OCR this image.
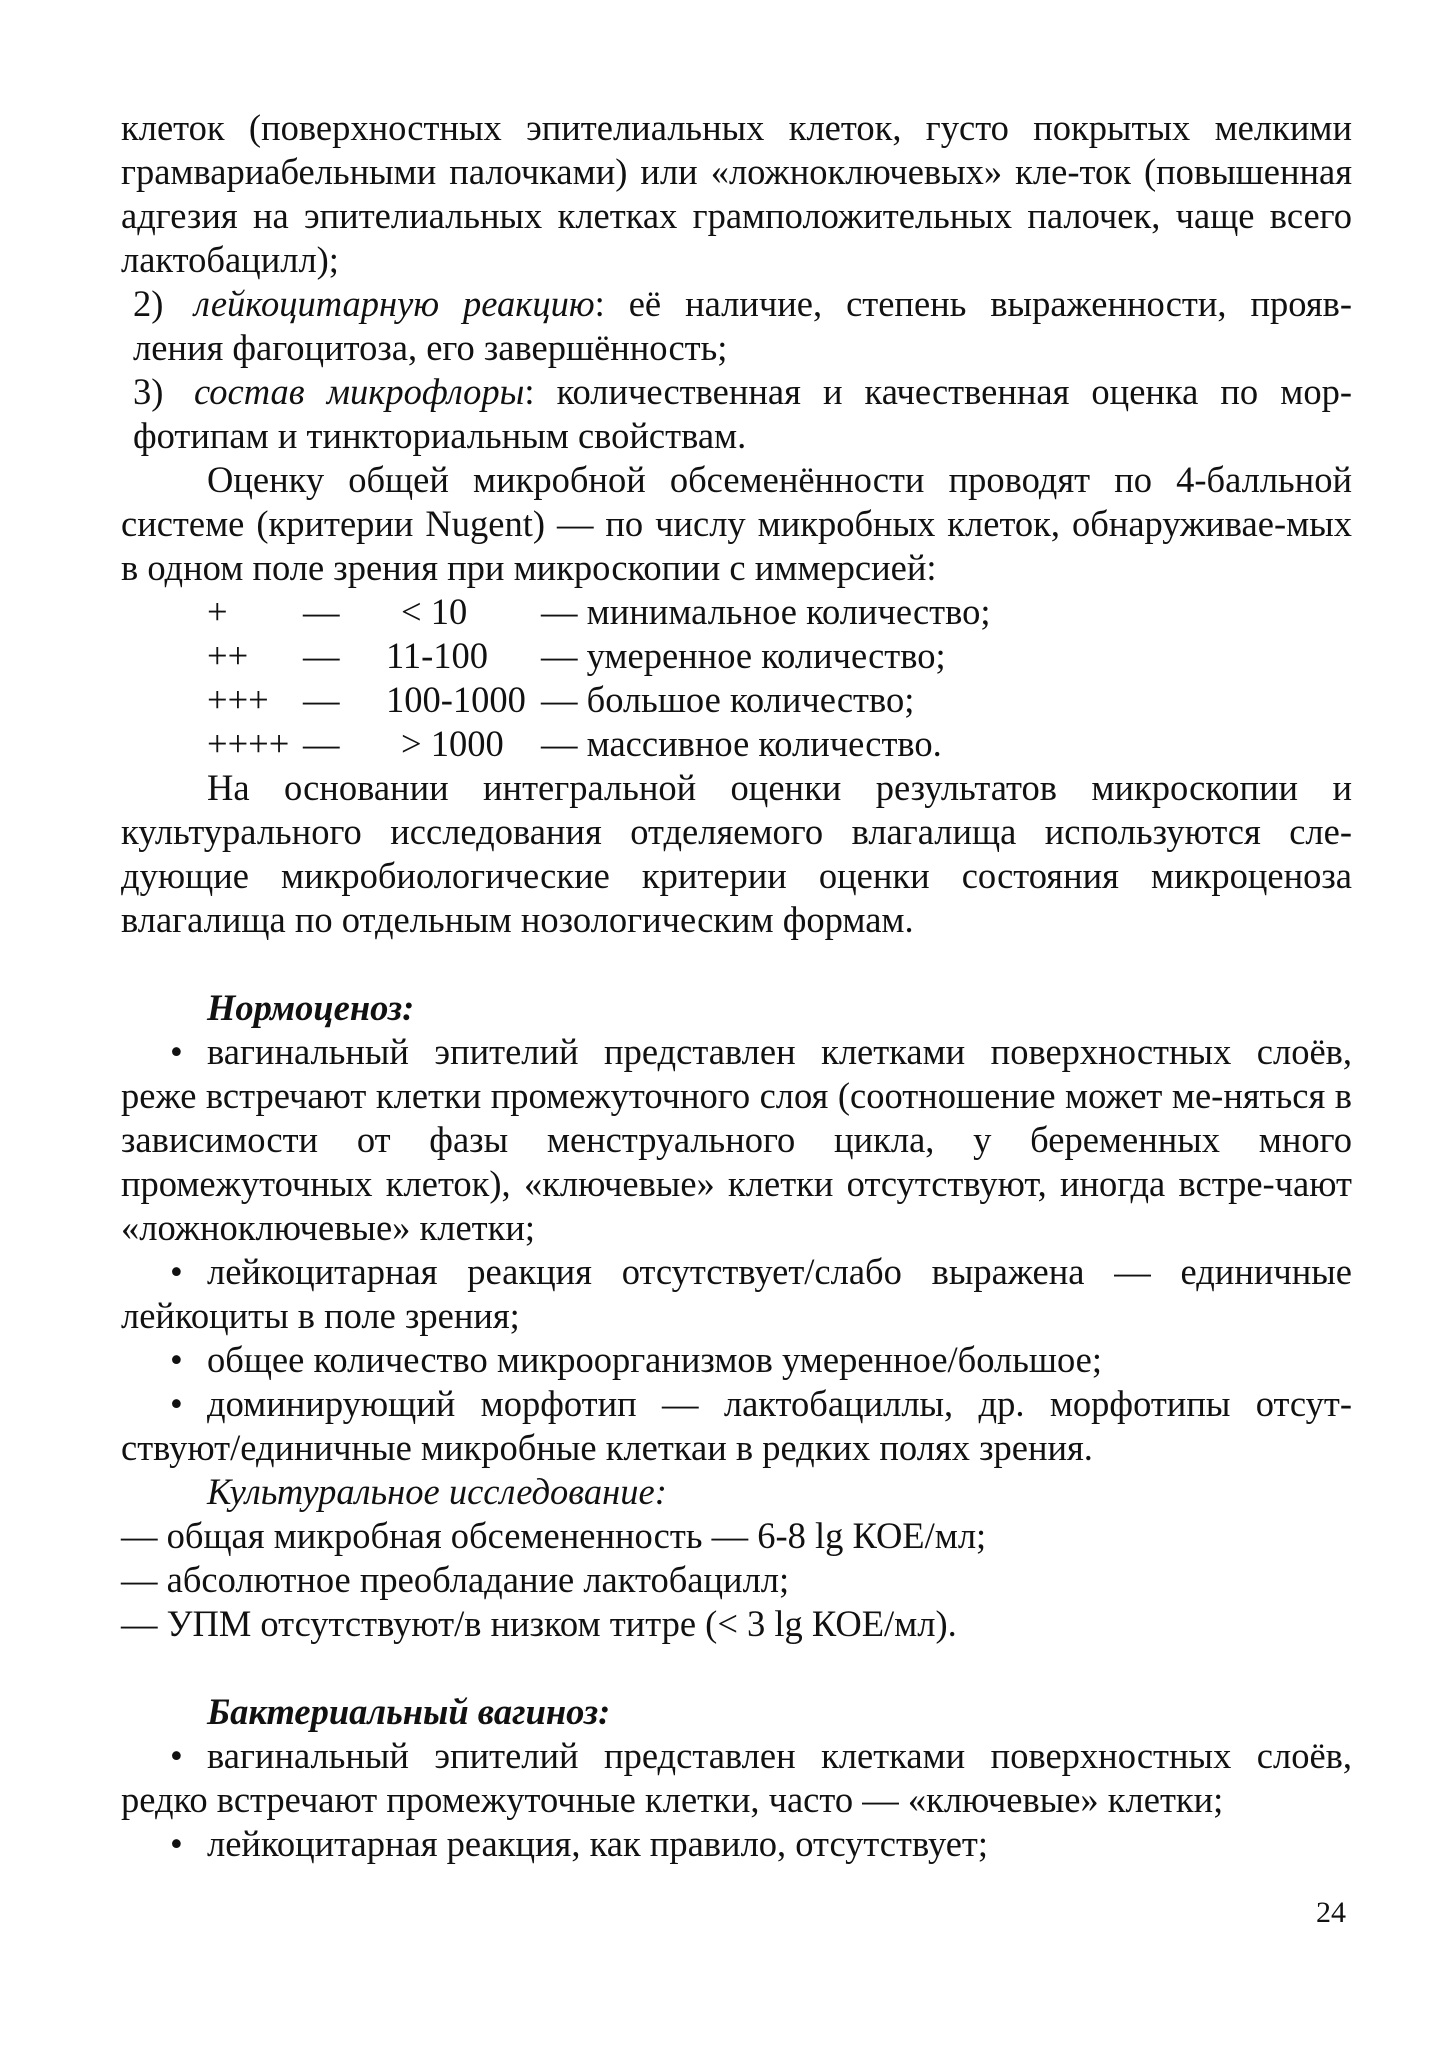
клеток (поверхностных эпителиальных клеток, густо покрытых мелкими грамвариабельными палочками) или «ложноключевых» кле-ток (повышенная адгезия на эпителиальных клетках грамположительных палочек, чаще всего лактобацилл);

2) лейкоцитарную реакцию: её наличие, степень выраженности, прояв-ления фагоцитоза, его завершённость;

3) состав микрофлоры: количественная и качественная оценка по мор-фотипам и тинкториальным свойствам.

Оценку общей микробной обсеменённости проводят по 4-балльной системе (критерии Nugent) — по числу микробных клеток, обнаруживае-мых в одном поле зрения при микроскопии с иммерсией:

+	—	< 10	— минимальное количество;
++	—	11-100	— умеренное количество;
+++	—	100-1000	— большое количество;
++++	—	> 1000	— массивное количество.

На основании интегральной оценки результатов микроскопии и культурального исследования отделяемого влагалища используются сле-дующие микробиологические критерии оценки состояния микроценоза влагалища по отдельным нозологическим формам.

Нормоценоз:

• вагинальный эпителий представлен клетками поверхностных слоёв, реже встречают клетки промежуточного слоя (соотношение может ме-няться в зависимости от фазы менструального цикла, у беременных много промежуточных клеток), «ключевые» клетки отсутствуют, иногда встре-чают «ложноключевые» клетки;

• лейкоцитарная реакция отсутствует/слабо выражена — единичные лейкоциты в поле зрения;

• общее количество микроорганизмов умеренное/большое;

• доминирующий морфотип — лактобациллы, др. морфотипы отсут-ствуют/единичные микробные клеткаи в редких полях зрения.

Культуральное исследование:

— общая микробная обсемененность — 6-8 lg КОЕ/мл;

— абсолютное преобладание лактобацилл;

— УПМ отсутствуют/в низком титре (< 3 lg КОЕ/мл).

Бактериальный вагиноз:

• вагинальный эпителий представлен клетками поверхностных слоёв, редко встречают промежуточные клетки, часто — «ключевые» клетки;

• лейкоцитарная реакция, как правило, отсутствует;

24
